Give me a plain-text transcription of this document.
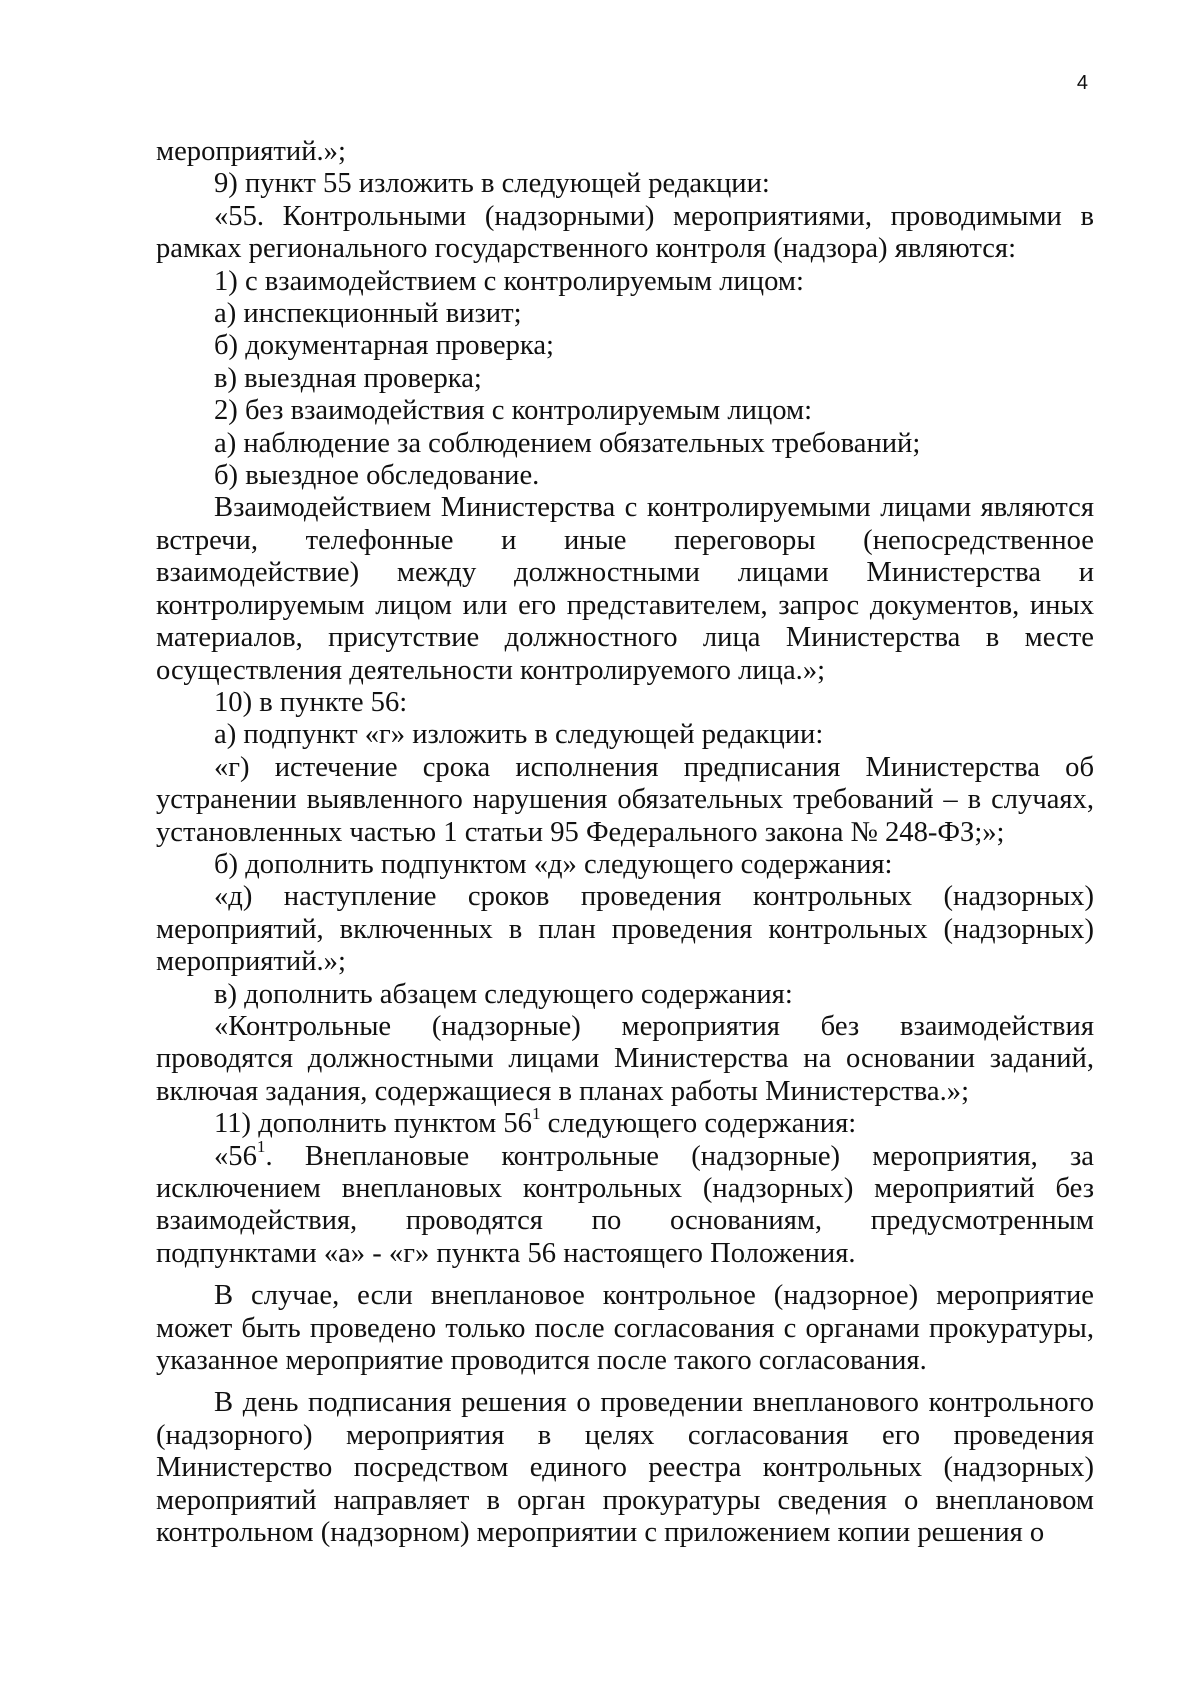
4

мероприятий.»;

9) пункт 55 изложить в следующей редакции:

«55. Контрольными (надзорными) мероприятиями, проводимыми в рамках регионального государственного контроля (надзора) являются:

1) с взаимодействием с контролируемым лицом:

а) инспекционный визит;

б) документарная проверка;

в) выездная проверка;

2) без взаимодействия с контролируемым лицом:

а) наблюдение за соблюдением обязательных требований;

б) выездное обследование.

Взаимодействием Министерства с контролируемыми лицами являются встречи, телефонные и иные переговоры (непосредственное взаимодействие) между должностными лицами Министерства и контролируемым лицом или его представителем, запрос документов, иных материалов, присутствие должностного лица Министерства в месте осуществления деятельности контролируемого лица.»;

10) в пункте 56:

а) подпункт «г» изложить в следующей редакции:

«г) истечение срока исполнения предписания Министерства об устранении выявленного нарушения обязательных требований – в случаях, установленных частью 1 статьи 95 Федерального закона № 248-ФЗ;»;

б) дополнить подпунктом «д» следующего содержания:

«д) наступление сроков проведения контрольных (надзорных) мероприятий, включенных в план проведения контрольных (надзорных) мероприятий.»;

в) дополнить абзацем следующего содержания:

«Контрольные (надзорные) мероприятия без взаимодействия проводятся должностными лицами Министерства на основании заданий, включая задания, содержащиеся в планах работы Министерства.»;

11) дополнить пунктом $56^1$ следующего содержания:

«$56^1$. Внеплановые контрольные (надзорные) мероприятия, за исключением внеплановых контрольных (надзорных) мероприятий без взаимодействия, проводятся по основаниям, предусмотренным подпунктами «а» - «г» пункта 56 настоящего Положения.

В случае, если внеплановое контрольное (надзорное) мероприятие может быть проведено только после согласования с органами прокуратуры, указанное мероприятие проводится после такого согласования.

В день подписания решения о проведении внепланового контрольного (надзорного) мероприятия в целях согласования его проведения Министерство посредством единого реестра контрольных (надзорных) мероприятий направляет в орган прокуратуры сведения о внеплановом контрольном (надзорном) мероприятии с приложением копии решения о
